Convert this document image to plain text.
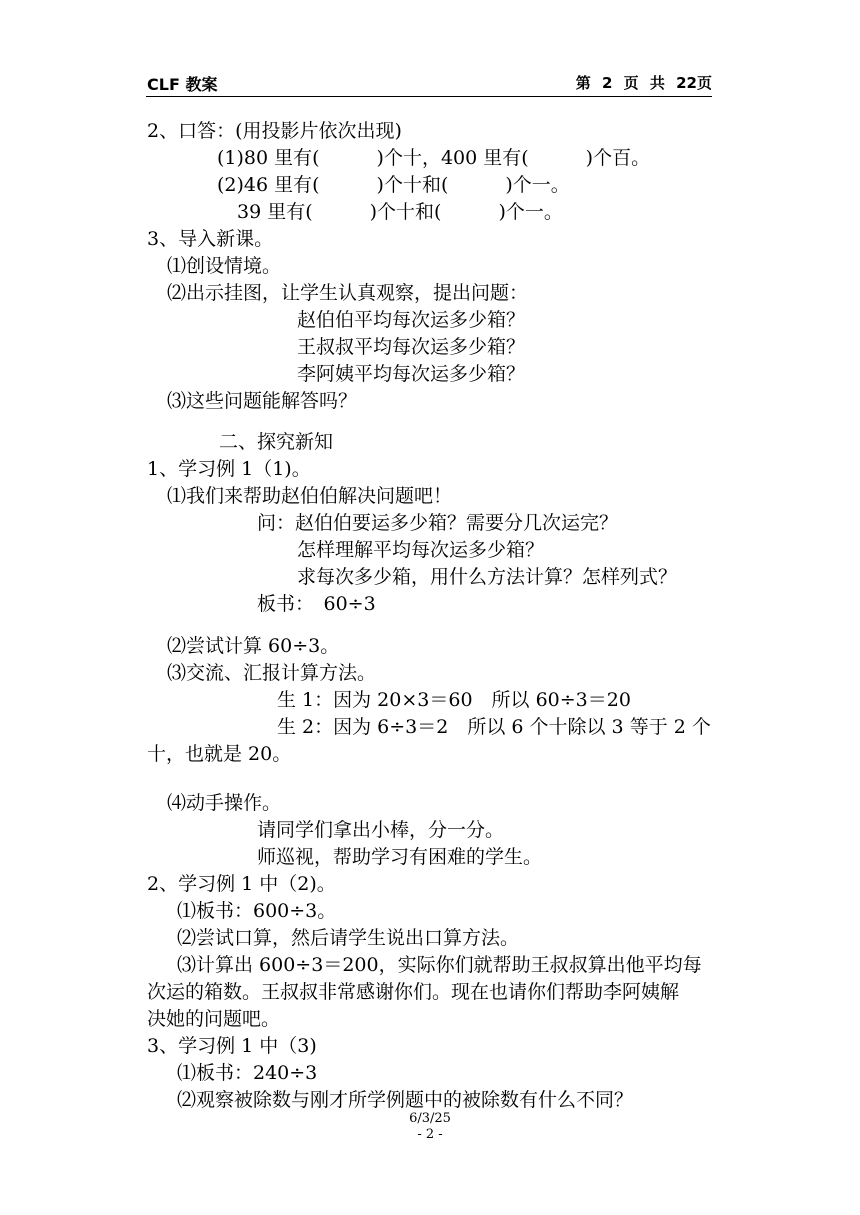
CLF 教案	第 2 页 共 22页
2、口答：(用投影片依次出现)
(1)80 里有(　　　)个十，400 里有(　　　)个百。
(2)46 里有(　　　)个十和(　　　)个一。
39 里有(　　　)个十和(　　　)个一。
3、导入新课。
⑴创设情境。
⑵出示挂图，让学生认真观察，提出问题：
赵伯伯平均每次运多少箱？
王叔叔平均每次运多少箱？
李阿姨平均每次运多少箱？
⑶这些问题能解答吗？
二、探究新知
1、学习例 1（1)。
⑴我们来帮助赵伯伯解决问题吧！
问：赵伯伯要运多少箱？需要分几次运完？
怎样理解平均每次运多少箱？
求每次多少箱，用什么方法计算？怎样列式？
板书：　60÷3
⑵尝试计算 60÷3。
⑶交流、汇报计算方法。
生 1：因为 20×3＝60　所以 60÷3＝20
生 2：因为 6÷3＝2　所以 6 个十除以 3 等于 2 个
十，也就是 20。
⑷动手操作。
请同学们拿出小棒，分一分。
师巡视，帮助学习有困难的学生。
2、学习例 1 中（2)。
⑴板书：600÷3。
⑵尝试口算，然后请学生说出口算方法。
⑶计算出 600÷3＝200，实际你们就帮助王叔叔算出他平均每
次运的箱数。王叔叔非常感谢你们。现在也请你们帮助李阿姨解
决她的问题吧。
3、学习例 1 中（3)
⑴板书：240÷3
⑵观察被除数与刚才所学例题中的被除数有什么不同？
6/3/25
- 2 -
